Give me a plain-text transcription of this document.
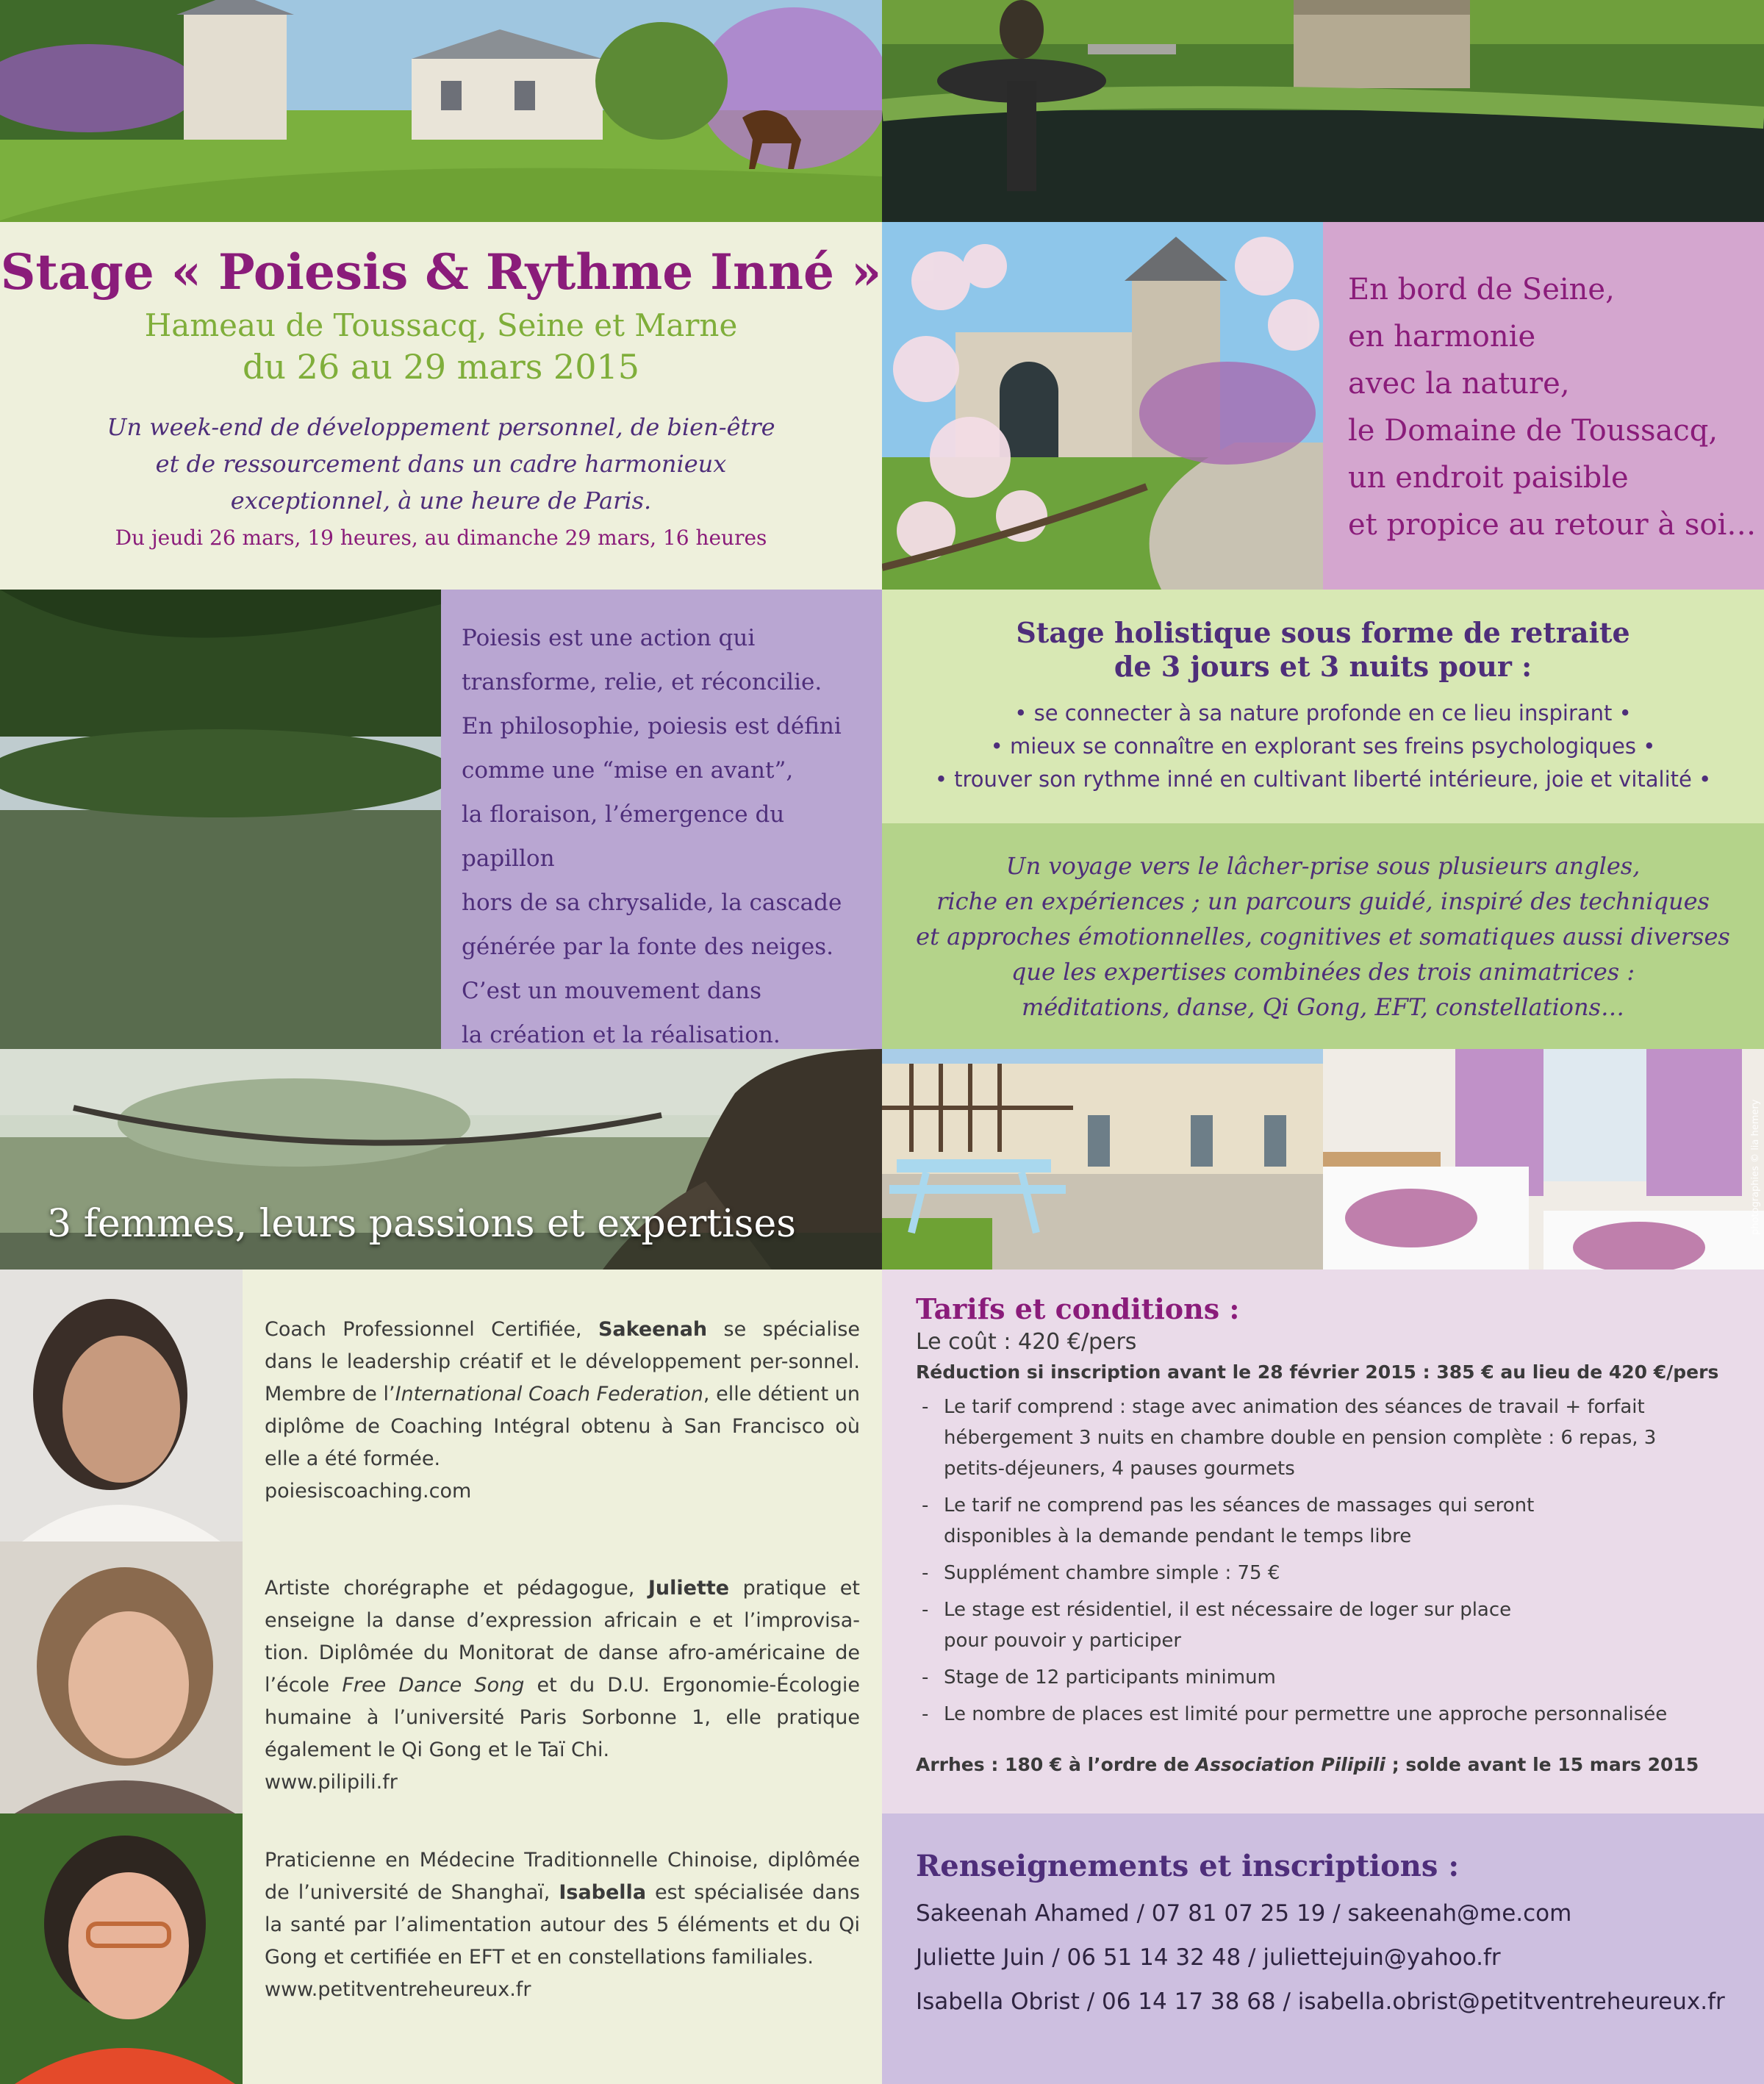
Stage « Poiesis & Rythme Inné »
Hameau de Toussacq, Seine et Marne
du 26 au 29 mars 2015
Un week-end de développement personnel, de bien-être
et de ressourcement dans un cadre harmonieux
exceptionnel, à une heure de Paris.
Du jeudi 26 mars, 19 heures, au dimanche 29 mars, 16 heures
En bord de Seine,
en harmonie
avec la nature,
le Domaine de Toussacq,
un endroit paisible
et propice au retour à soi…
Poiesis est une action qui
transforme, relie, et réconcilie.
En philosophie, poiesis est défini
comme une “mise en avant”,
la floraison, l’émergence du papillon
hors de sa chrysalide, la cascade
générée par la fonte des neiges.
C’est un mouvement dans
la création et la réalisation.
Stage holistique sous forme de retraite
de 3 jours et 3 nuits pour :
• se connecter à sa nature profonde en ce lieu inspirant •
• mieux se connaître en explorant ses freins psychologiques •
• trouver son rythme inné en cultivant liberté intérieure, joie et vitalité •
Un voyage vers le lâcher-prise sous plusieurs angles,
riche en expériences ; un parcours guidé, inspiré des techniques
et approches émotionnelles, cognitives et somatiques aussi diverses
que les expertises combinées des trois animatrices :
méditations, danse, Qi Gong, EFT, constellations…
3 femmes, leurs passions et expertises	photographies © lia hemery
Coach Professionnel Certifiée, Sakeenah se spécialise dans le leadership créatif et le développement per-sonnel. Membre de l’International Coach Federation, elle détient un diplôme de Coaching Intégral obtenu à San Francisco où elle a été formée.
poiesiscoaching.com
Artiste chorégraphe et pédagogue, Juliette pratique et enseigne la danse d’expression africain e et l’improvisa-tion. Diplômée du Monitorat de danse afro-américaine de l’école Free Dance Song et du D.U. Ergonomie-Écologie humaine à l’université Paris Sorbonne 1, elle pratique également le Qi Gong et le Taï Chi.
www.pilipili.fr
Praticienne en Médecine Traditionnelle Chinoise, diplômée de l’université de Shanghaï, Isabella est spécialisée dans la santé par l’alimentation autour des 5 éléments et du Qi Gong et certifiée en EFT et en constellations familiales.
www.petitventreheureux.fr
Tarifs et conditions :
Le coût : 420 €/pers
Réduction si inscription avant le 28 février 2015 : 385 € au lieu de 420 €/pers
- Le tarif comprend : stage avec animation des séances de travail + forfait hébergement 3 nuits en chambre double en pension complète : 6 repas, 3 petits-déjeuners, 4 pauses gourmets
- Le tarif ne comprend pas les séances de massages qui seront disponibles à la demande pendant le temps libre
- Supplément chambre simple : 75 €
- Le stage est résidentiel, il est nécessaire de loger sur place pour pouvoir y participer
- Stage de 12 participants minimum
- Le nombre de places est limité pour permettre une approche personnalisée
Arrhes : 180 € à l’ordre de Association Pilipili ; solde avant le 15 mars 2015
Renseignements et inscriptions :
Sakeenah Ahamed / 07 81 07 25 19 / sakeenah@me.com
Juliette Juin / 06 51 14 32 48 / juliettejuin@yahoo.fr
Isabella Obrist / 06 14 17 38 68 / isabella.obrist@petitventreheureux.fr
